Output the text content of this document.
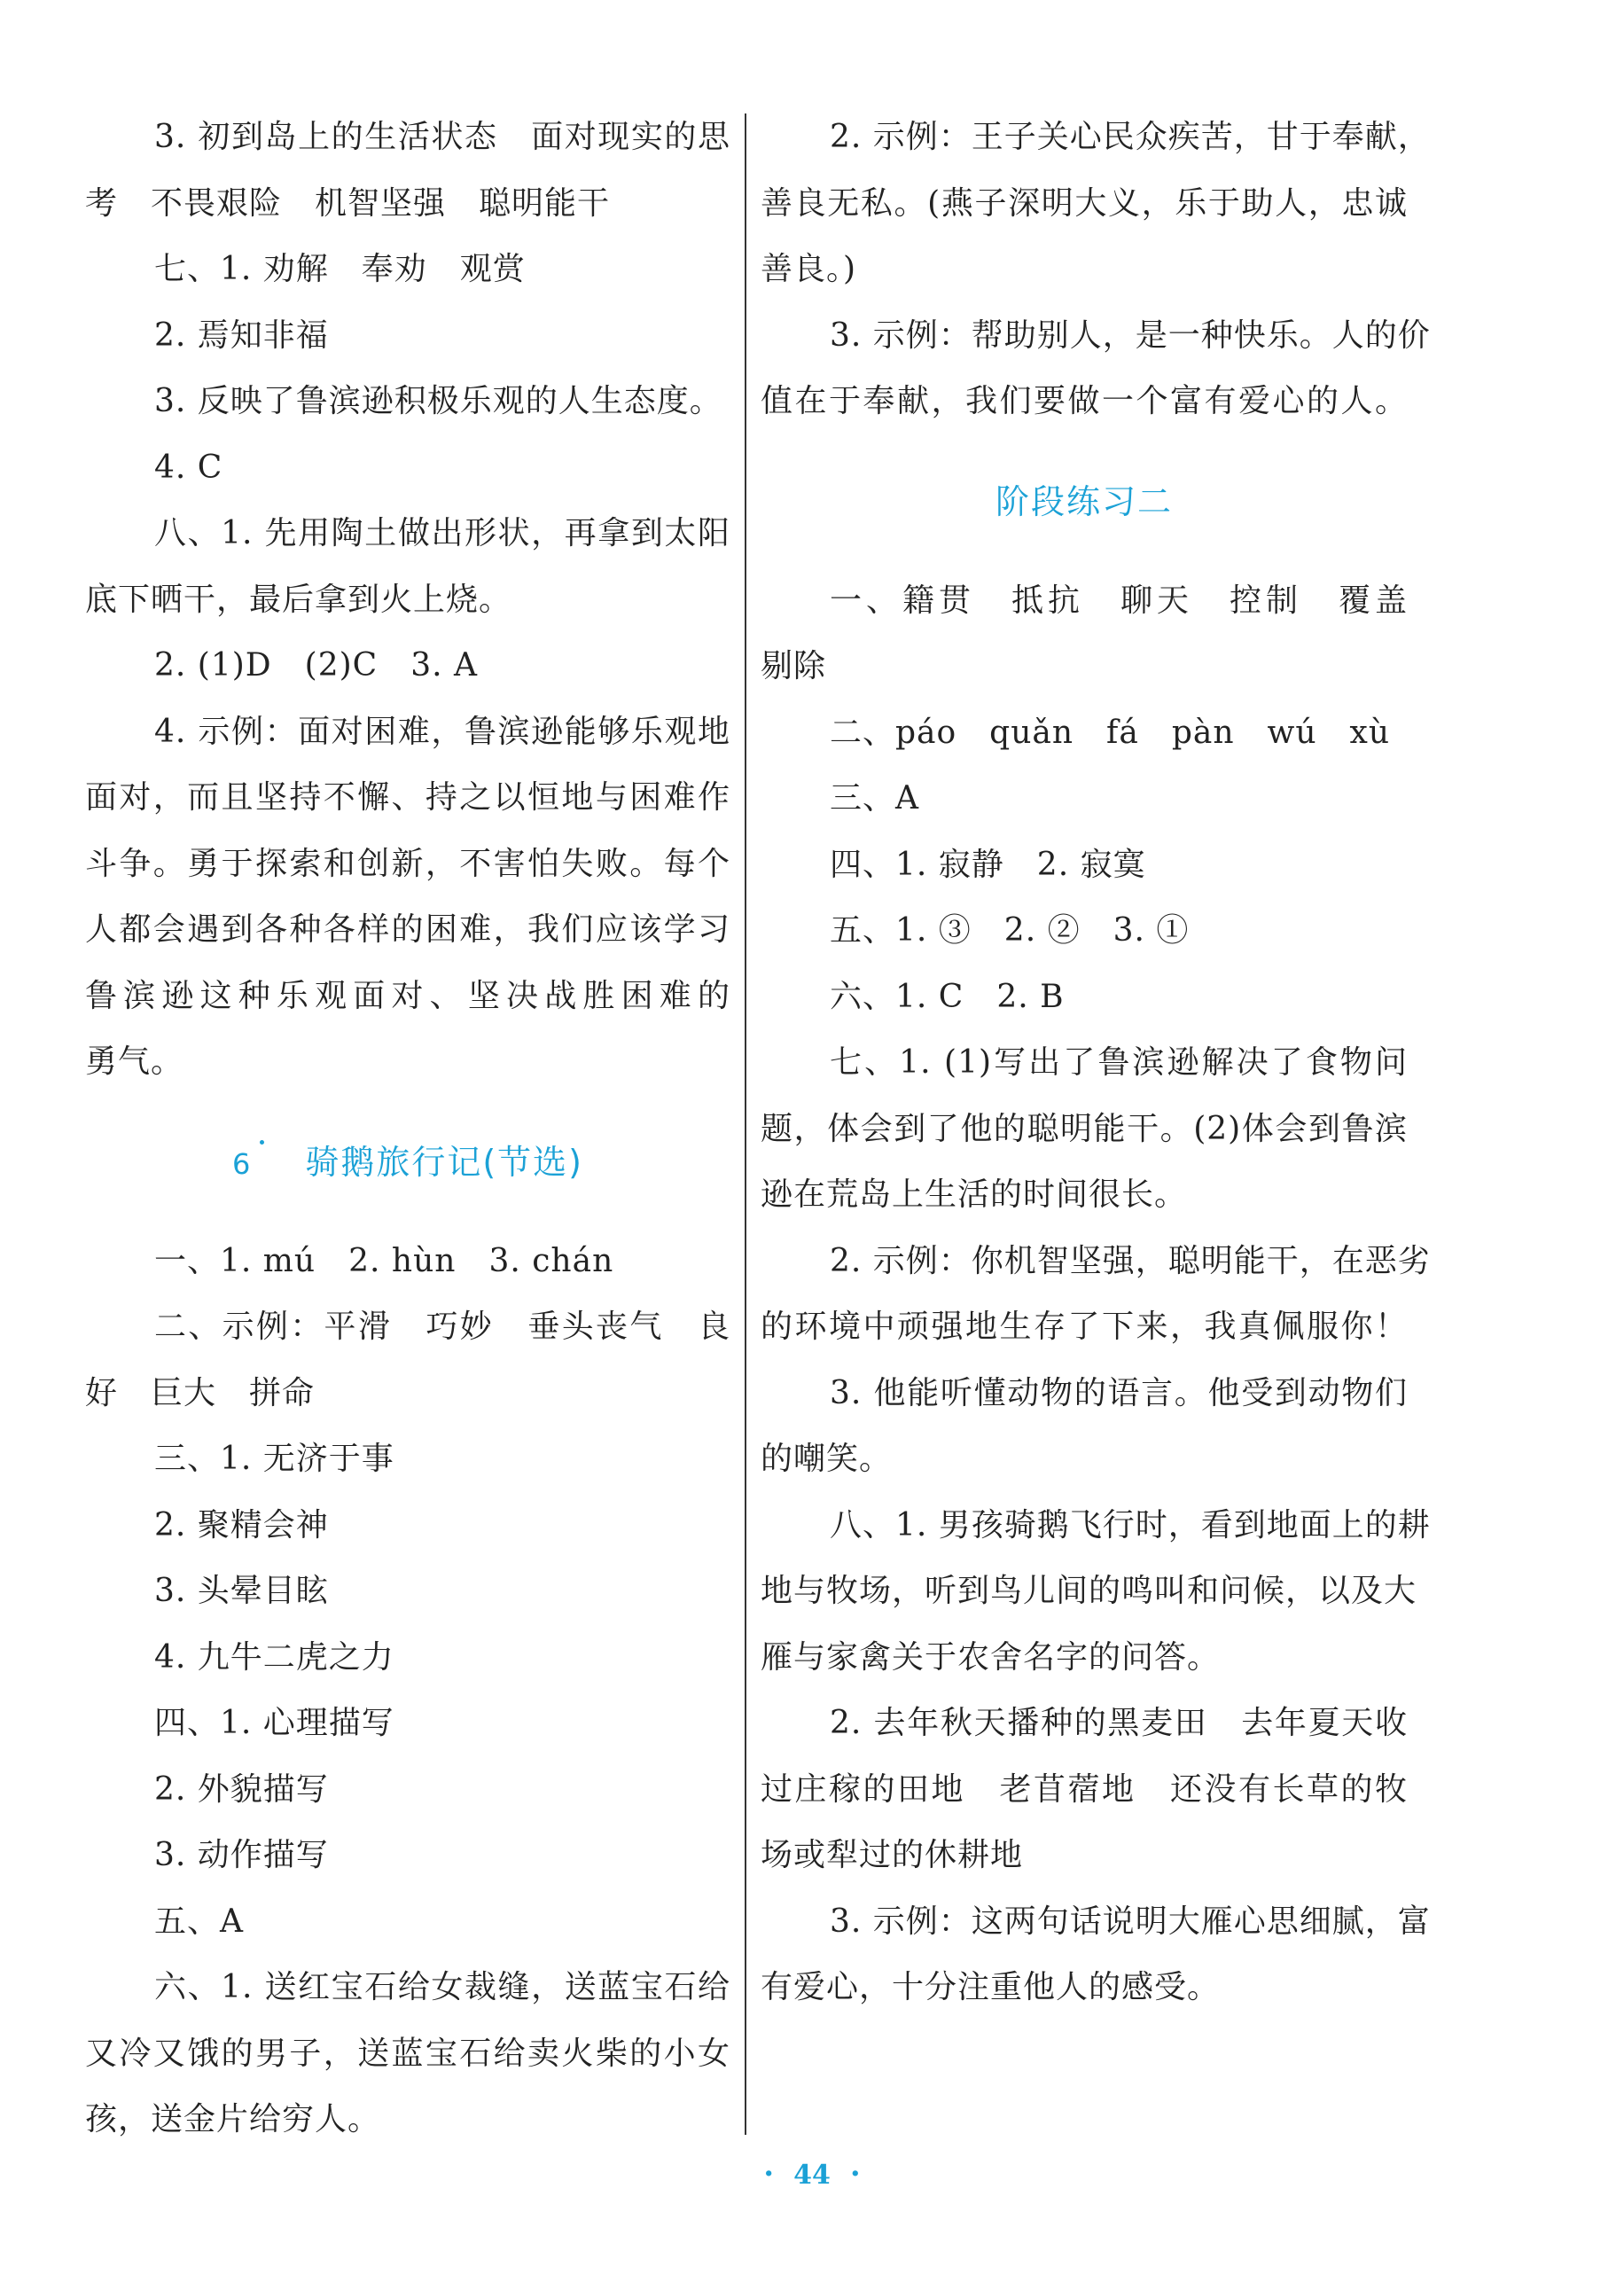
3. 初到岛上的生活状态　面对现实的思
考　不畏艰险　机智坚强　聪明能干
七、1. 劝解　奉劝　观赏
2. 焉知非福
3. 反映了鲁滨逊积极乐观的人生态度。
4. C
八、1. 先用陶土做出形状，再拿到太阳
底下晒干，最后拿到火上烧。
2. (1)D　(2)C　3. A
4. 示例：面对困难，鲁滨逊能够乐观地
面对，而且坚持不懈、持之以恒地与困难作
斗争。勇于探索和创新，不害怕失败。每个
人都会遇到各种各样的困难，我们应该学习
鲁滨逊这种乐观面对、坚决战胜困难的
勇气。
6 骑鹅旅行记(节选)
一、1. mú　2. hùn　3. chán
二、示例：平滑　巧妙　垂头丧气　良
好　巨大　拼命
三、1. 无济于事
2. 聚精会神
3. 头晕目眩
4. 九牛二虎之力
四、1. 心理描写
2. 外貌描写
3. 动作描写
五、A
六、1. 送红宝石给女裁缝，送蓝宝石给
又冷又饿的男子，送蓝宝石给卖火柴的小女
孩，送金片给穷人。
2. 示例：王子关心民众疾苦，甘于奉献，
善良无私。(燕子深明大义，乐于助人，忠诚
善良。)
3. 示例：帮助别人，是一种快乐。人的价
值在于奉献，我们要做一个富有爱心的人。
阶段练习二
一、籍贯　抵抗　聊天　控制　覆盖
剔除
二、páo　quǎn　fá　pàn　wú　xù
三、A
四、1. 寂静　2. 寂寞
五、1. ③　2. ②　3. ①
六、1. C　2. B
七、1. (1)写出了鲁滨逊解决了食物问
题，体会到了他的聪明能干。(2)体会到鲁滨
逊在荒岛上生活的时间很长。
2. 示例：你机智坚强，聪明能干，在恶劣
的环境中顽强地生存了下来，我真佩服你！
3. 他能听懂动物的语言。他受到动物们
的嘲笑。
八、1. 男孩骑鹅飞行时，看到地面上的耕
地与牧场，听到鸟儿间的鸣叫和问候，以及大
雁与家禽关于农舍名字的问答。
2. 去年秋天播种的黑麦田　去年夏天收
过庄稼的田地　老苜蓿地　还没有长草的牧
场或犁过的休耕地
3. 示例：这两句话说明大雁心思细腻，富
有爱心，十分注重他人的感受。
· 44 ·
